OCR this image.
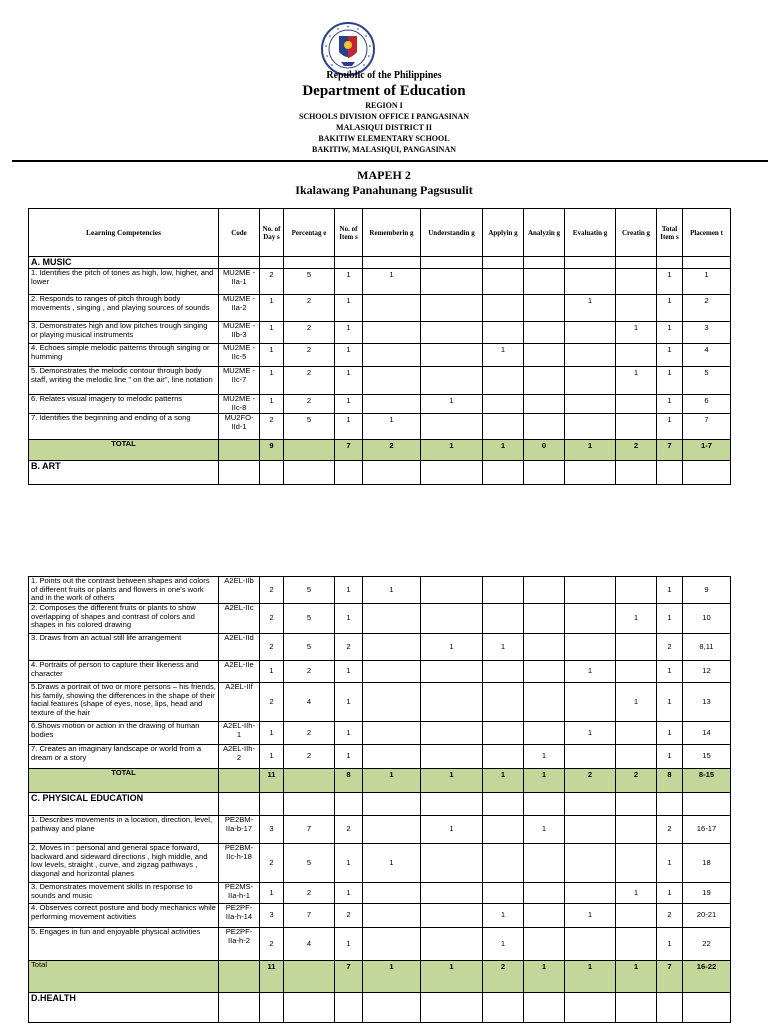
Republic of the Philippines
Department of Education
REGION I
SCHOOLS DIVISION OFFICE I PANGASINAN
MALASIQUI DISTRICT II
BAKITIW ELEMENTARY SCHOOL
BAKITIW, MALASIQUI, PANGASINAN
MAPEH 2
Ikalawang Panahunang Pagsusulit
Learning Competencies	Code	No. of Day s	Percentag e	No. of Item s	Rememberin g	Understandin g	Applyin g	Analyzin g	Evaluatin g	Creatin g	Total Item s	Placemen t
A. MUSIC												
1. Identifies the pitch of tones as high, low, higher, and lower	MU2ME -IIa-1	2	5	1	1						1	1
2. Responds to ranges of pitch through body movements , singing , and playing sources of sounds	MU2ME -IIa-2	1	2	1					1		1	2
3. Demonstrates high and low pitches trough singing or playing musical instruments	MU2ME -IIb-3	1	2	1						1	1	3
4. Echoes simple melodic patterns through singing or humming	MU2ME -IIc-5	1	2	1			1				1	4
5. Demonstrates the melodic contour through body staff, writing the melodic line " on the air", line notation	MU2ME -IIc-7	1	2	1						1	1	5
6. Relates visual imagery to melodic patterns	MU2ME -IIc-8	1	2	1		1					1	6
7. Identifies the beginning and ending of a song	MU2FO-IId-1	2	5	1	1						1	7
TOTAL		9		7	2	1	1	0	1	2	7	1-7
B. ART												
1. Points out the contrast between shapes and colors of different fruits or plants and flowers in one's work and in the work of others	A2EL-IIb	2	5	1	1						1	9
2. Composes the different fruits or plants to show overlapping of shapes and contrast of colors and shapes in his colored drawing	A2EL-IIc	2	5	1						1	1	10
3. Draws from an actual still life arrangement	A2EL-IId	2	5	2		1	1				2	8,11
4. Portraits of person to capture their likeness and character	A2EL-IIe	1	2	1					1		1	12
5.Draws a portrait of two or more persons – his friends, his family, showing the differences in the shape of their facial features (shape of eyes, nose, lips, head and texture of the hair	A2EL-IIf	2	4	1						1	1	13
6.Shows motion or action in the drawing of human bodies	A2EL-IIh-1	1	2	1					1		1	14
7. Creates an imaginary landscape or world from a dream or a story	A2EL-IIh-2	1	2	1				1			1	15
TOTAL		11		8	1	1	1	1	2	2	8	8-15
C. PHYSICAL EDUCATION												
1. Describes movements in a location, direction, level, pathway and plane	PE2BM-IIa-b-17	3	7	2		1		1			2	16-17
2. Moves in : personal and general space forward, backward and sideward directions , high middle, and low levels, straight , curve, and zigzag pathways , diagonal and horizontal planes	PE2BM-IIc-h-18	2	5	1	1						1	18
3. Demonstrates movement skills in response to sounds and music	PE2MS-IIa-h-1	1	2	1						1	1	19
4. Observes correct posture and body mechanics while performing movement activities	PE2PF-IIa-h-14	3	7	2			1		1		2	20-21
5. Engages in fun and enjoyable physical activities	PE2PF-IIa-h-2	2	4	1			1				1	22
Total		11		7	1	1	2	1	1	1	7	16-22
D.HEALTH												
